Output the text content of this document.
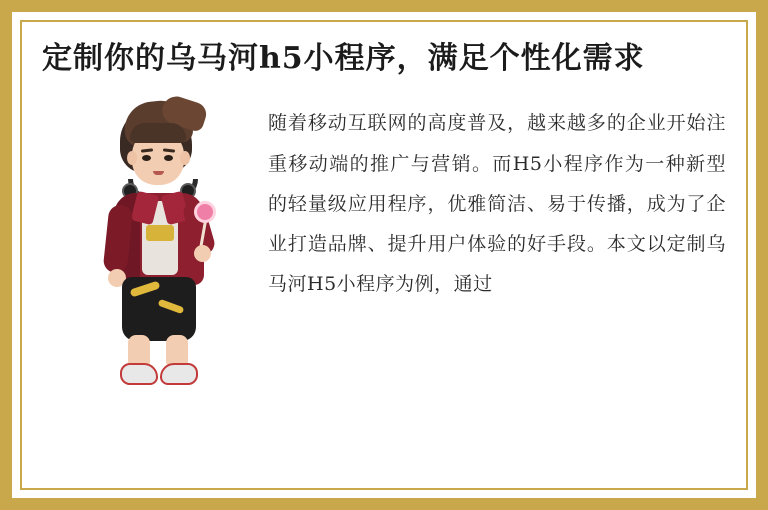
定制你的乌马河h5小程序，满足个性化需求

随着移动互联网的高度普及，越来越多的企业开始注重移动端的推广与营销。而H5小程序作为一种新型的轻量级应用程序，优雅简洁、易于传播，成为了企业打造品牌、提升用户体验的好手段。本文以定制乌马河H5小程序为例，通过
